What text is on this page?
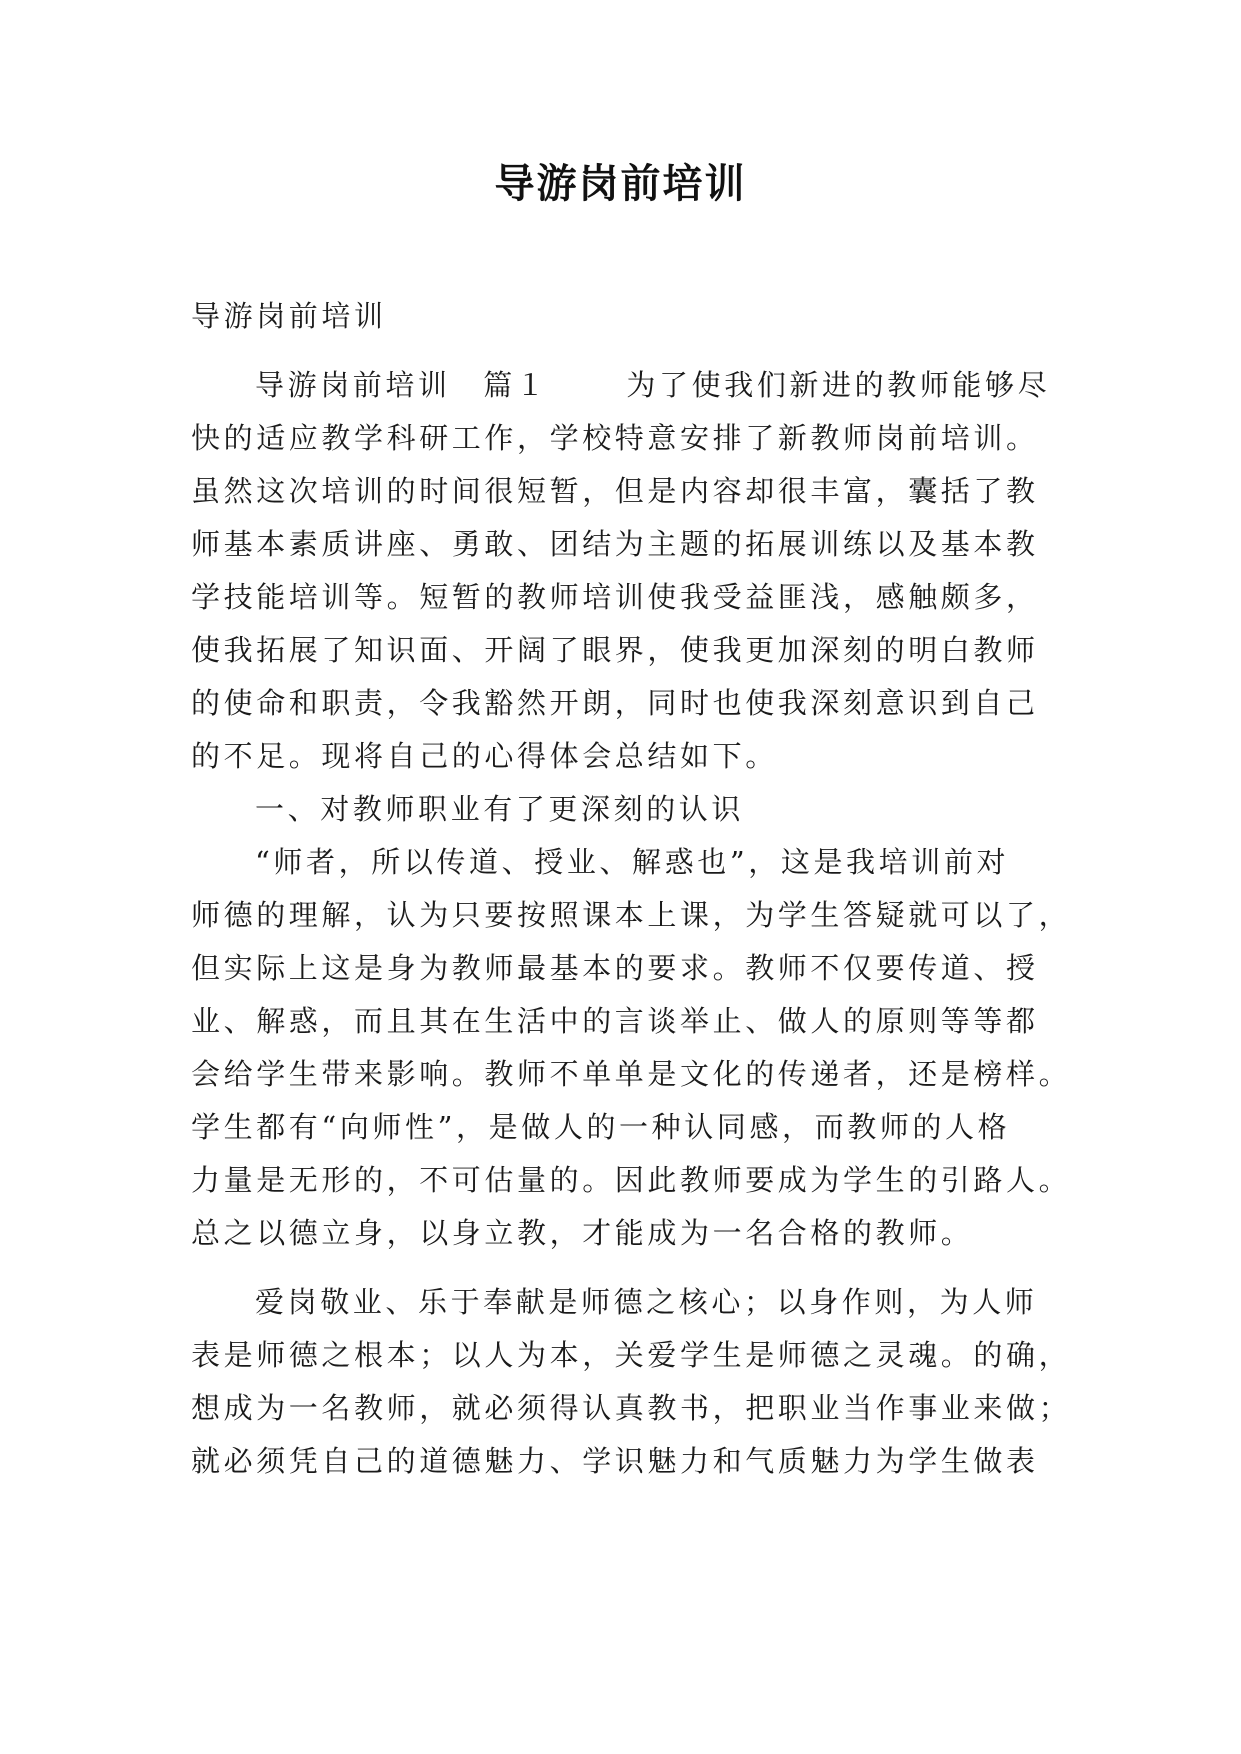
导游岗前培训
导游岗前培训
导游岗前培训　篇１　　 为了使我们新进的教师能够尽
快的适应教学科研工作，学校特意安排了新教师岗前培训。
虽然这次培训的时间很短暂，但是内容却很丰富，囊括了教
师基本素质讲座、勇敢、团结为主题的拓展训练以及基本教
学技能培训等。短暂的教师培训使我受益匪浅，感触颇多，
使我拓展了知识面、开阔了眼界，使我更加深刻的明白教师
的使命和职责，令我豁然开朗，同时也使我深刻意识到自己
的不足。现将自己的心得体会总结如下。
一、对教师职业有了更深刻的认识
“师者，所以传道、授业、解惑也”，这是我培训前对
师德的理解，认为只要按照课本上课，为学生答疑就可以了，
但实际上这是身为教师最基本的要求。教师不仅要传道、授
业、解惑，而且其在生活中的言谈举止、做人的原则等等都
会给学生带来影响。教师不单单是文化的传递者，还是榜样。
学生都有“向师性”，是做人的一种认同感，而教师的人格
力量是无形的，不可估量的。因此教师要成为学生的引路人。
总之以德立身，以身立教，才能成为一名合格的教师。
爱岗敬业、乐于奉献是师德之核心；以身作则，为人师
表是师德之根本；以人为本，关爱学生是师德之灵魂。的确，
想成为一名教师，就必须得认真教书，把职业当作事业来做；
就必须凭自己的道德魅力、学识魅力和气质魅力为学生做表
